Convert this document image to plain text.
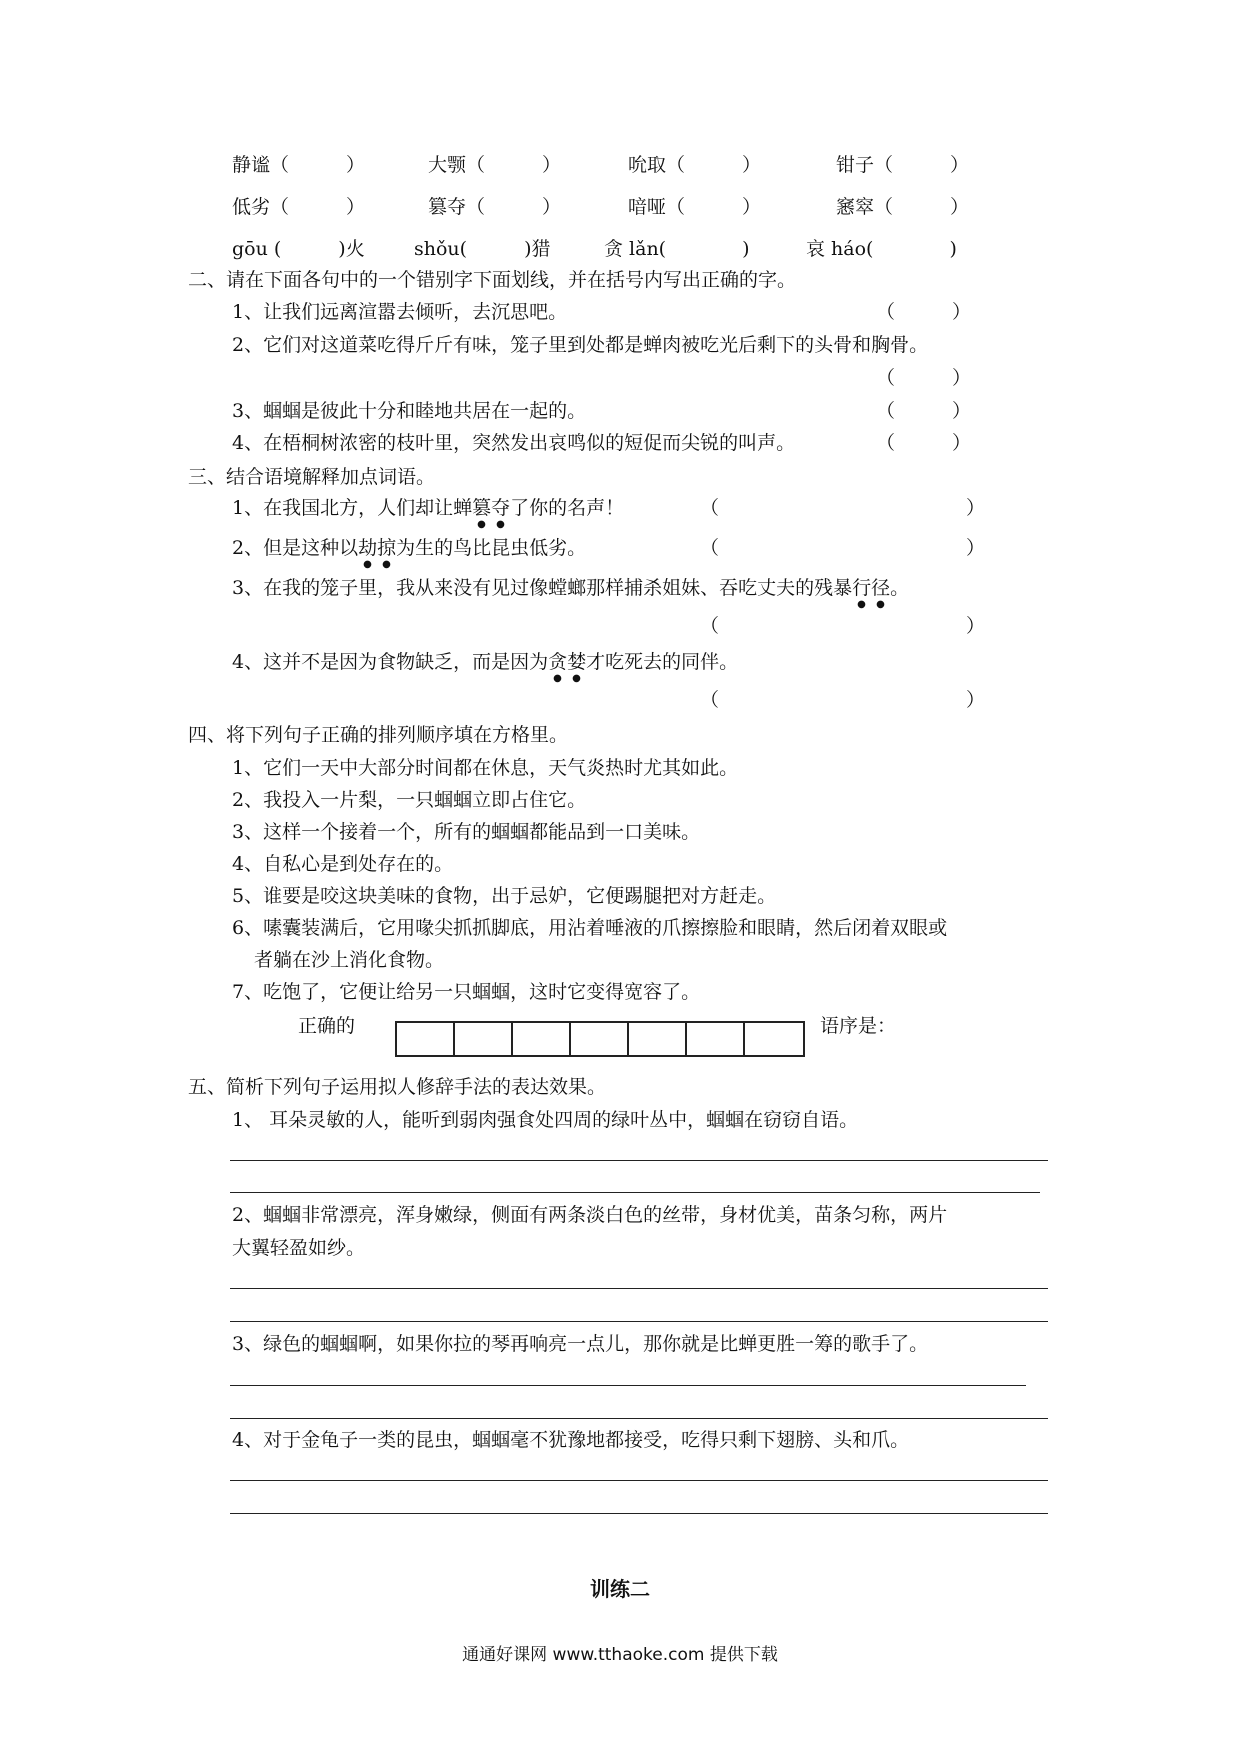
静谧（　　　）	大颚（　　　）	吮取（　　　）	钳子（　　　）
低劣（　　　）	篡夺（　　　）	喑哑（　　　）	窸窣（　　　）
gōu (　　　)火	shǒu(　　　)猎	贪 lǎn(　　　　)	哀 háo(　　　　)
二、请在下面各句中的一个错别字下面划线，并在括号内写出正确的字。
1、让我们远离渲嚣去倾听，去沉思吧。	（　　　）
2、它们对这道菜吃得斤斤有味，笼子里到处都是蝉肉被吃光后剩下的头骨和胸骨。
（　　　）
3、蝈蝈是彼此十分和睦地共居在一起的。	（　　　）
4、在梧桐树浓密的枝叶里，突然发出哀鸣似的短促而尖锐的叫声。	（　　　）
三、结合语境解释加点词语。
1、在我国北方，人们却让蝉篡夺了你的名声！	（　　　　　　　　　　　　　）
2、但是这种以劫掠为生的鸟比昆虫低劣。	（　　　　　　　　　　　　　）
3、在我的笼子里，我从来没有见过像螳螂那样捕杀姐妹、吞吃丈夫的残暴行径。
（　　　　　　　　　　　　　）
4、这并不是因为食物缺乏，而是因为贪婪才吃死去的同伴。
（　　　　　　　　　　　　　）
四、将下列句子正确的排列顺序填在方格里。
1、它们一天中大部分时间都在休息，天气炎热时尤其如此。
2、我投入一片梨，一只蝈蝈立即占住它。
3、这样一个接着一个，所有的蝈蝈都能品到一口美味。
4、自私心是到处存在的。
5、谁要是咬这块美味的食物，出于忌妒，它便踢腿把对方赶走。
6、嗉囊装满后，它用喙尖抓抓脚底，用沾着唾液的爪擦擦脸和眼睛，然后闭着双眼或
者躺在沙上消化食物。
7、吃饱了，它便让给另一只蝈蝈，这时它变得宽容了。
正确的	语序是：
五、简析下列句子运用拟人修辞手法的表达效果。
1、 耳朵灵敏的人，能听到弱肉强食处四周的绿叶丛中，蝈蝈在窃窃自语。
2、蝈蝈非常漂亮，浑身嫩绿，侧面有两条淡白色的丝带，身材优美，苗条匀称，两片
大翼轻盈如纱。
3、绿色的蝈蝈啊，如果你拉的琴再响亮一点儿，那你就是比蝉更胜一筹的歌手了。
4、对于金龟子一类的昆虫，蝈蝈毫不犹豫地都接受，吃得只剩下翅膀、头和爪。
训练二
通通好课网 www.tthaoke.com 提供下载
